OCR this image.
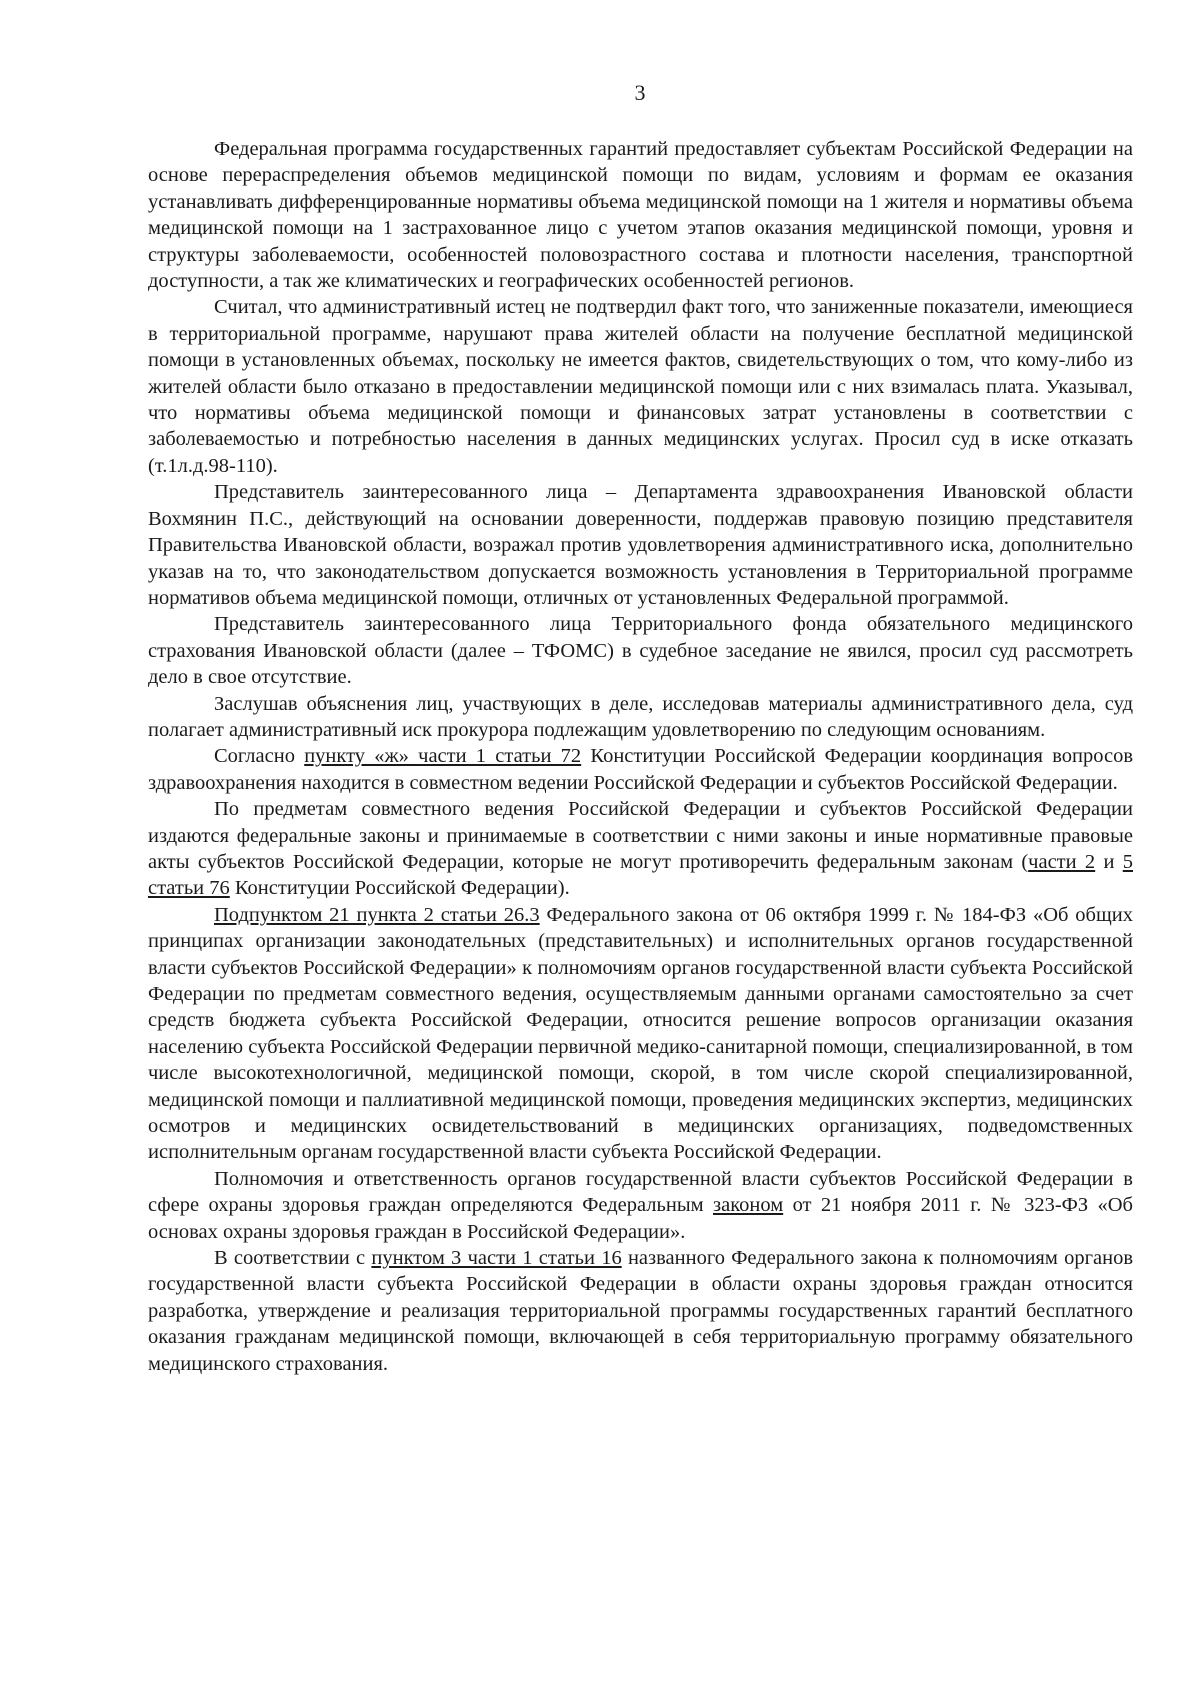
3

Федеральная программа государственных гарантий предоставляет субъектам Российской Федерации на основе перераспределения объемов медицинской помощи по видам, условиям и формам ее оказания устанавливать дифференцированные нормативы объема медицинской помощи на 1 жителя и нормативы объема медицинской помощи на 1 застрахованное лицо с учетом этапов оказания медицинской помощи, уровня и структуры заболеваемости, особенностей половозрастного состава и плотности населения, транспортной доступности, а так же климатических и географических особенностей регионов.

Считал, что административный истец не подтвердил факт того, что заниженные показатели, имеющиеся в территориальной программе, нарушают права жителей области на получение бесплатной медицинской помощи в установленных объемах, поскольку не имеется фактов, свидетельствующих о том, что кому-либо из жителей области было отказано в предоставлении медицинской помощи или с них взималась плата. Указывал, что нормативы объема медицинской помощи и финансовых затрат установлены в соответствии с заболеваемостью и потребностью населения в данных медицинских услугах. Просил суд в иске отказать (т.1л.д.98-110).

Представитель заинтересованного лица – Департамента здравоохранения Ивановской области Вохмянин П.С., действующий на основании доверенности, поддержав правовую позицию представителя Правительства Ивановской области, возражал против удовлетворения административного иска, дополнительно указав на то, что законодательством допускается возможность установления в Территориальной программе нормативов объема медицинской помощи, отличных от установленных Федеральной программой.

Представитель заинтересованного лица Территориального фонда обязательного медицинского страхования Ивановской области (далее – ТФОМС) в судебное заседание не явился, просил суд рассмотреть дело в свое отсутствие.

Заслушав объяснения лиц, участвующих в деле, исследовав материалы административного дела, суд полагает административный иск прокурора подлежащим удовлетворению по следующим основаниям.

Согласно пункту «ж» части 1 статьи 72 Конституции Российской Федерации координация вопросов здравоохранения находится в совместном ведении Российской Федерации и субъектов Российской Федерации.

По предметам совместного ведения Российской Федерации и субъектов Российской Федерации издаются федеральные законы и принимаемые в соответствии с ними законы и иные нормативные правовые акты субъектов Российской Федерации, которые не могут противоречить федеральным законам (части 2 и 5 статьи 76 Конституции Российской Федерации).

Подпунктом 21 пункта 2 статьи 26.3 Федерального закона от 06 октября 1999 г. № 184-ФЗ «Об общих принципах организации законодательных (представительных) и исполнительных органов государственной власти субъектов Российской Федерации» к полномочиям органов государственной власти субъекта Российской Федерации по предметам совместного ведения, осуществляемым данными органами самостоятельно за счет средств бюджета субъекта Российской Федерации, относится решение вопросов организации оказания населению субъекта Российской Федерации первичной медико-санитарной помощи, специализированной, в том числе высокотехнологичной, медицинской помощи, скорой, в том числе скорой специализированной, медицинской помощи и паллиативной медицинской помощи, проведения медицинских экспертиз, медицинских осмотров и медицинских освидетельствований в медицинских организациях, подведомственных исполнительным органам государственной власти субъекта Российской Федерации.

Полномочия и ответственность органов государственной власти субъектов Российской Федерации в сфере охраны здоровья граждан определяются Федеральным законом от 21 ноября 2011 г. № 323-ФЗ «Об основах охраны здоровья граждан в Российской Федерации».

В соответствии с пунктом 3 части 1 статьи 16 названного Федерального закона к полномочиям органов государственной власти субъекта Российской Федерации в области охраны здоровья граждан относится разработка, утверждение и реализация территориальной программы государственных гарантий бесплатного оказания гражданам медицинской помощи, включающей в себя территориальную программу обязательного медицинского страхования.
